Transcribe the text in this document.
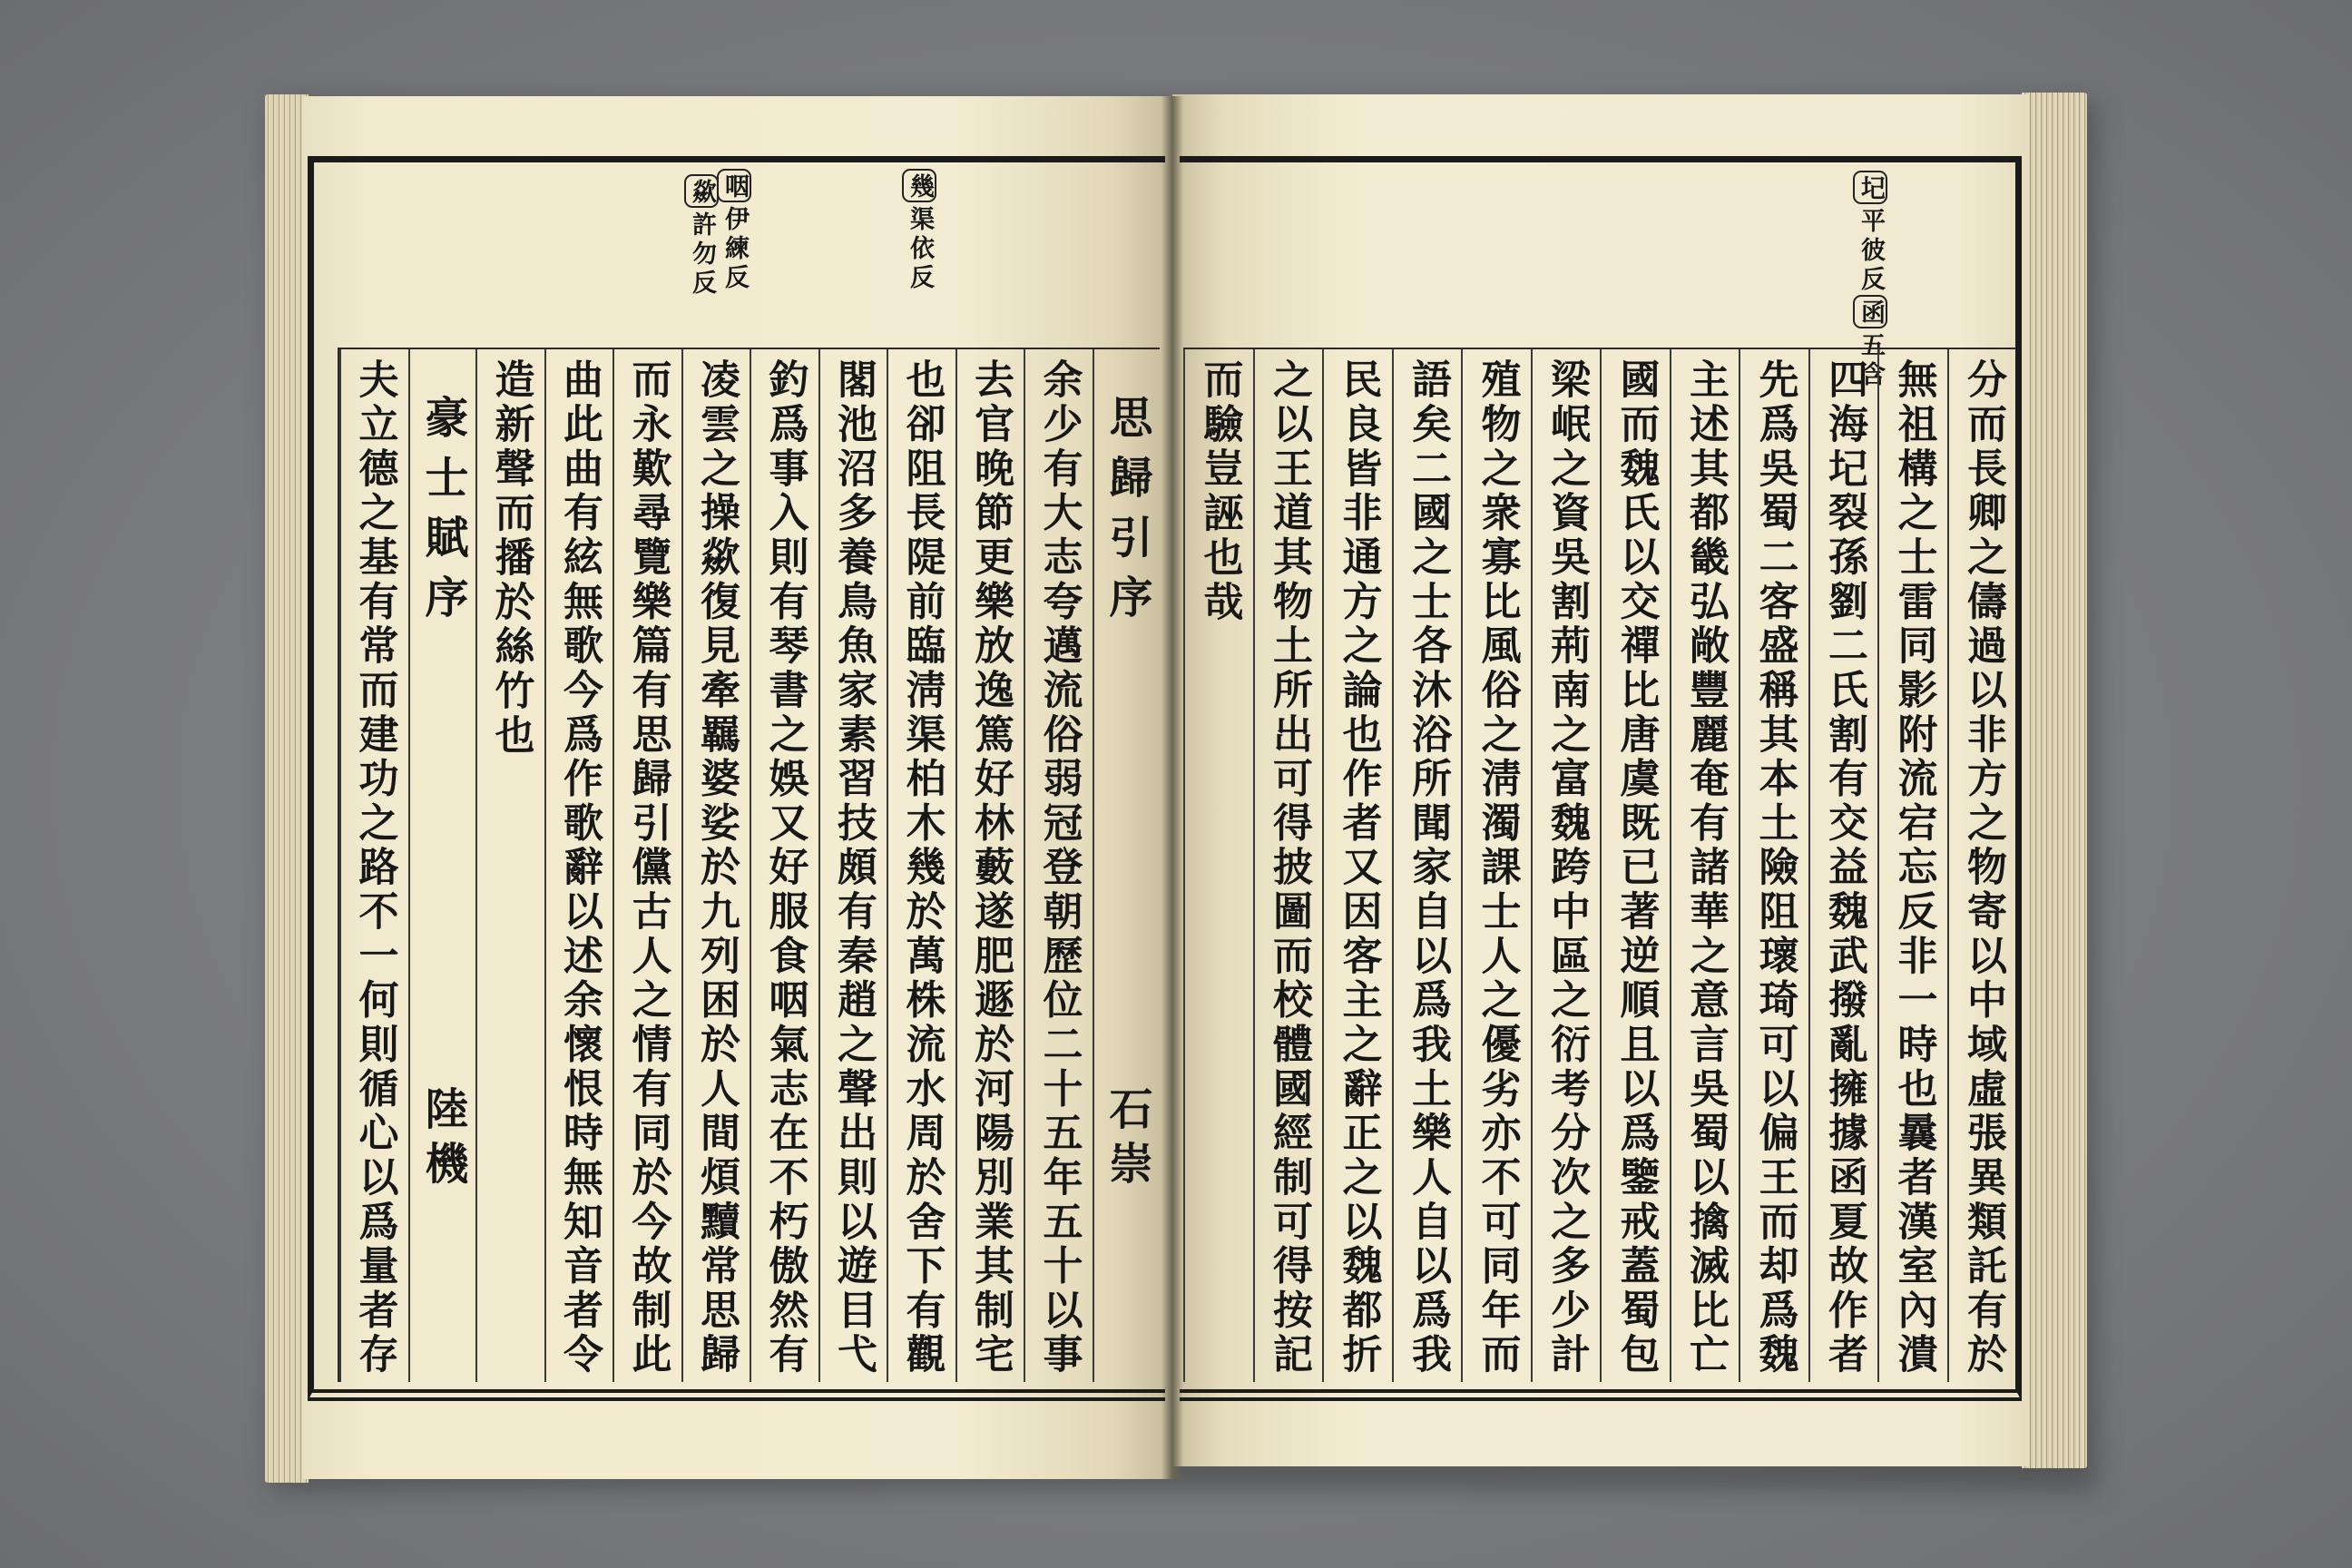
圮平彼反函五含
幾渠依反
咽伊練反
歘許勿反
分而長卿之儔過以非方之物寄以中域虛張異類託有於
無祖構之士雷同影附流宕忘反非一時也曩者漢室內潰
四海圮裂孫劉二氏割有交益魏武撥亂擁據函夏故作者
先爲吳蜀二客盛稱其本土險阻瓌琦可以偏王而却爲魏
主述其都畿弘敞豐麗奄有諸華之意言吳蜀以擒滅比亡
國而魏氏以交禪比唐虞既已著逆順且以爲鑒戒蓋蜀包
梁岷之資吳割荊南之富魏跨中區之衍考分次之多少計
殖物之衆寡比風俗之淸濁課士人之優劣亦不可同年而
語矣二國之士各沐浴所聞家自以爲我土樂人自以爲我
民良皆非通方之論也作者又因客主之辭正之以魏都折
之以王道其物土所出可得披圖而校體國經制可得按記
而驗豈誣也哉
思歸引序
石崇
余少有大志夸邁流俗弱冠登朝歷位二十五年五十以事
去官晚節更樂放逸篤好林藪遂肥遯於河陽別業其制宅
也卻阻長隄前臨淸渠柏木幾於萬株流水周於舍下有觀
閣池沼多養鳥魚家素習技頗有秦趙之聲出則以遊目弋
釣爲事入則有琴書之娛又好服食咽氣志在不朽傲然有
凌雲之操歘復見牽羈婆娑於九列困於人間煩黷常思歸
而永歎尋覽樂篇有思歸引儻古人之情有同於今故制此
曲此曲有絃無歌今爲作歌辭以述余懷恨時無知音者令
造新聲而播於絲竹也
豪士賦序
陸機
夫立德之基有常而建功之路不一何則循心以爲量者存
